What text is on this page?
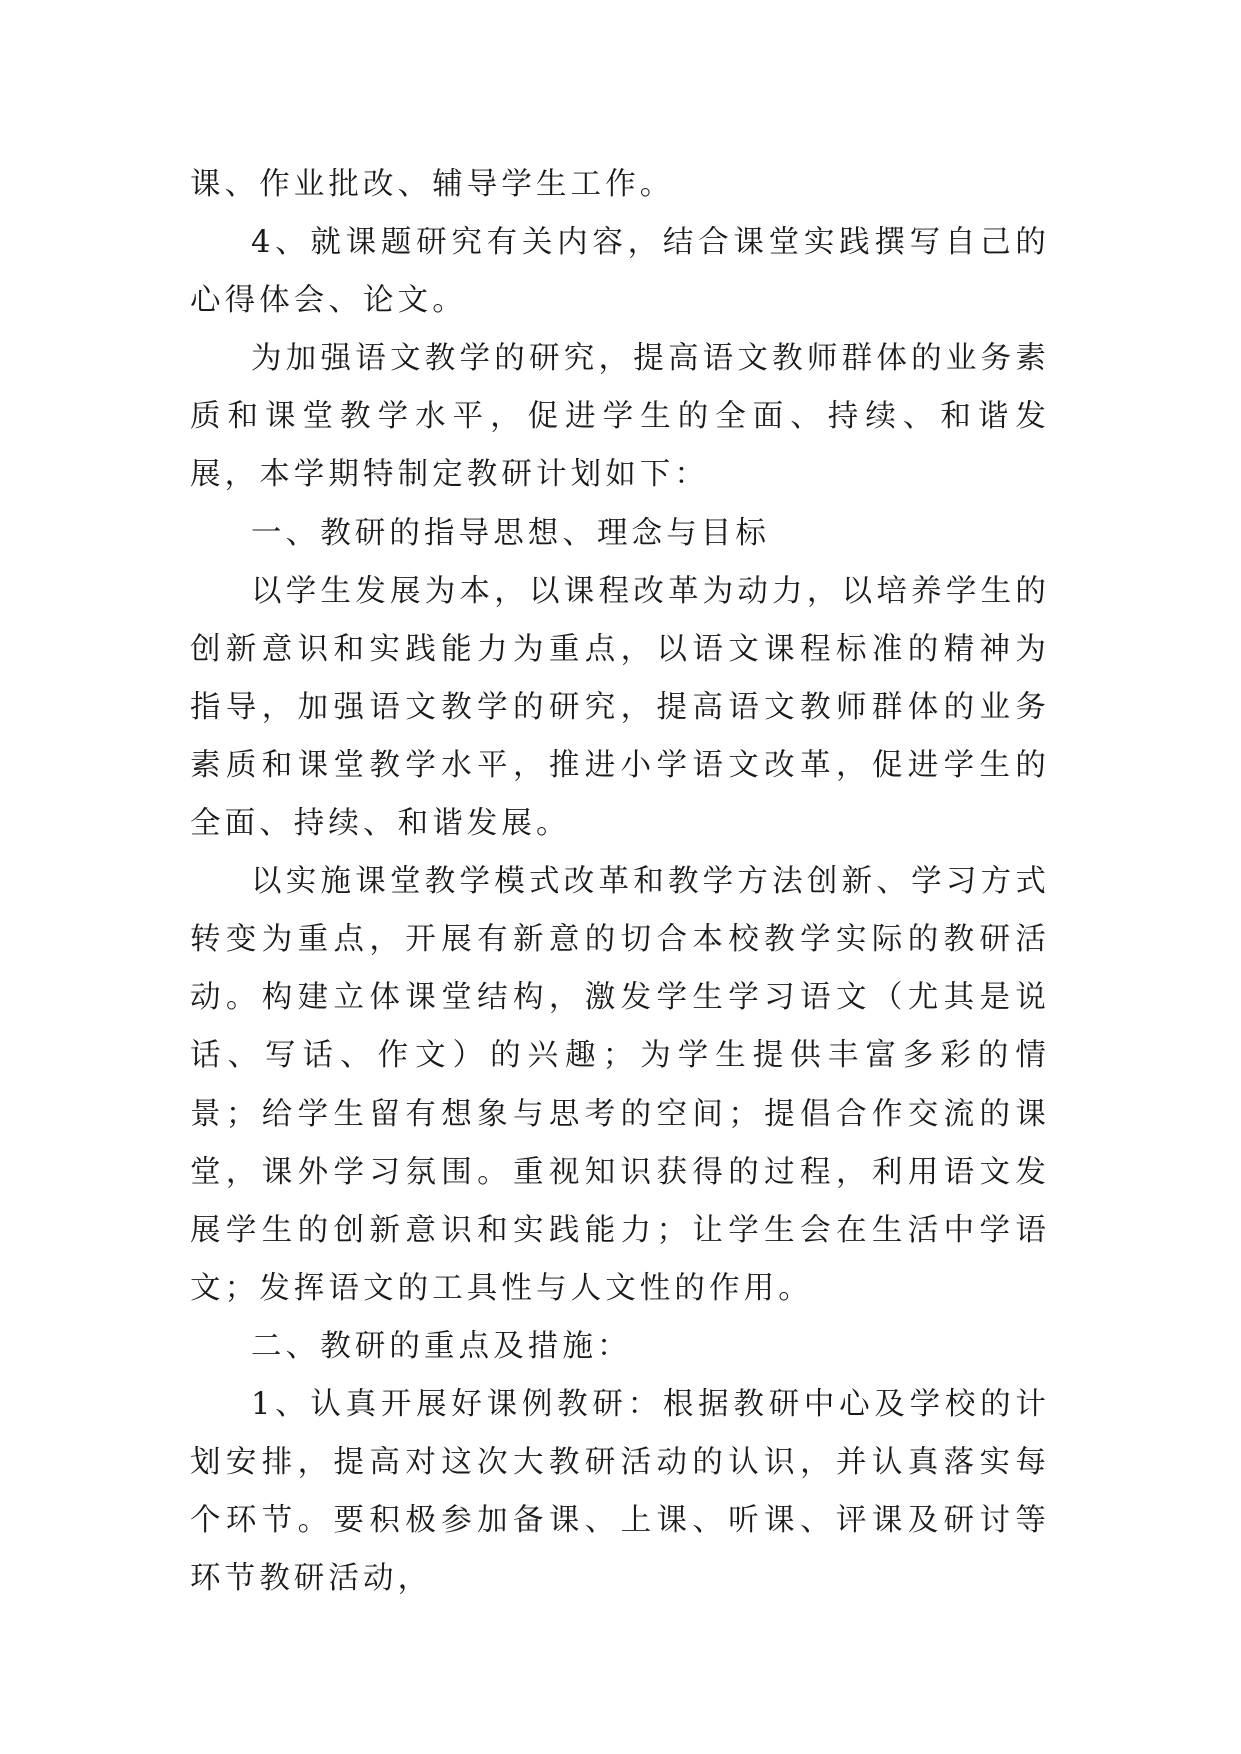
课、作业批改、辅导学生工作。

4、就课题研究有关内容，结合课堂实践撰写自己的心得体会、论文。

为加强语文教学的研究，提高语文教师群体的业务素质和课堂教学水平，促进学生的全面、持续、和谐发展，本学期特制定教研计划如下：

一、教研的指导思想、理念与目标

以学生发展为本，以课程改革为动力，以培养学生的创新意识和实践能力为重点，以语文课程标准的精神为指导，加强语文教学的研究，提高语文教师群体的业务素质和课堂教学水平，推进小学语文改革，促进学生的全面、持续、和谐发展。

以实施课堂教学模式改革和教学方法创新、学习方式转变为重点，开展有新意的切合本校教学实际的教研活动。构建立体课堂结构，激发学生学习语文（尤其是说话、写话、作文）的兴趣；为学生提供丰富多彩的情景；给学生留有想象与思考的空间；提倡合作交流的课堂，课外学习氛围。重视知识获得的过程，利用语文发展学生的创新意识和实践能力；让学生会在生活中学语文；发挥语文的工具性与人文性的作用。

二、教研的重点及措施：

1、认真开展好课例教研：根据教研中心及学校的计划安排，提高对这次大教研活动的认识，并认真落实每个环节。要积极参加备课、上课、听课、评课及研讨等环节教研活动，
